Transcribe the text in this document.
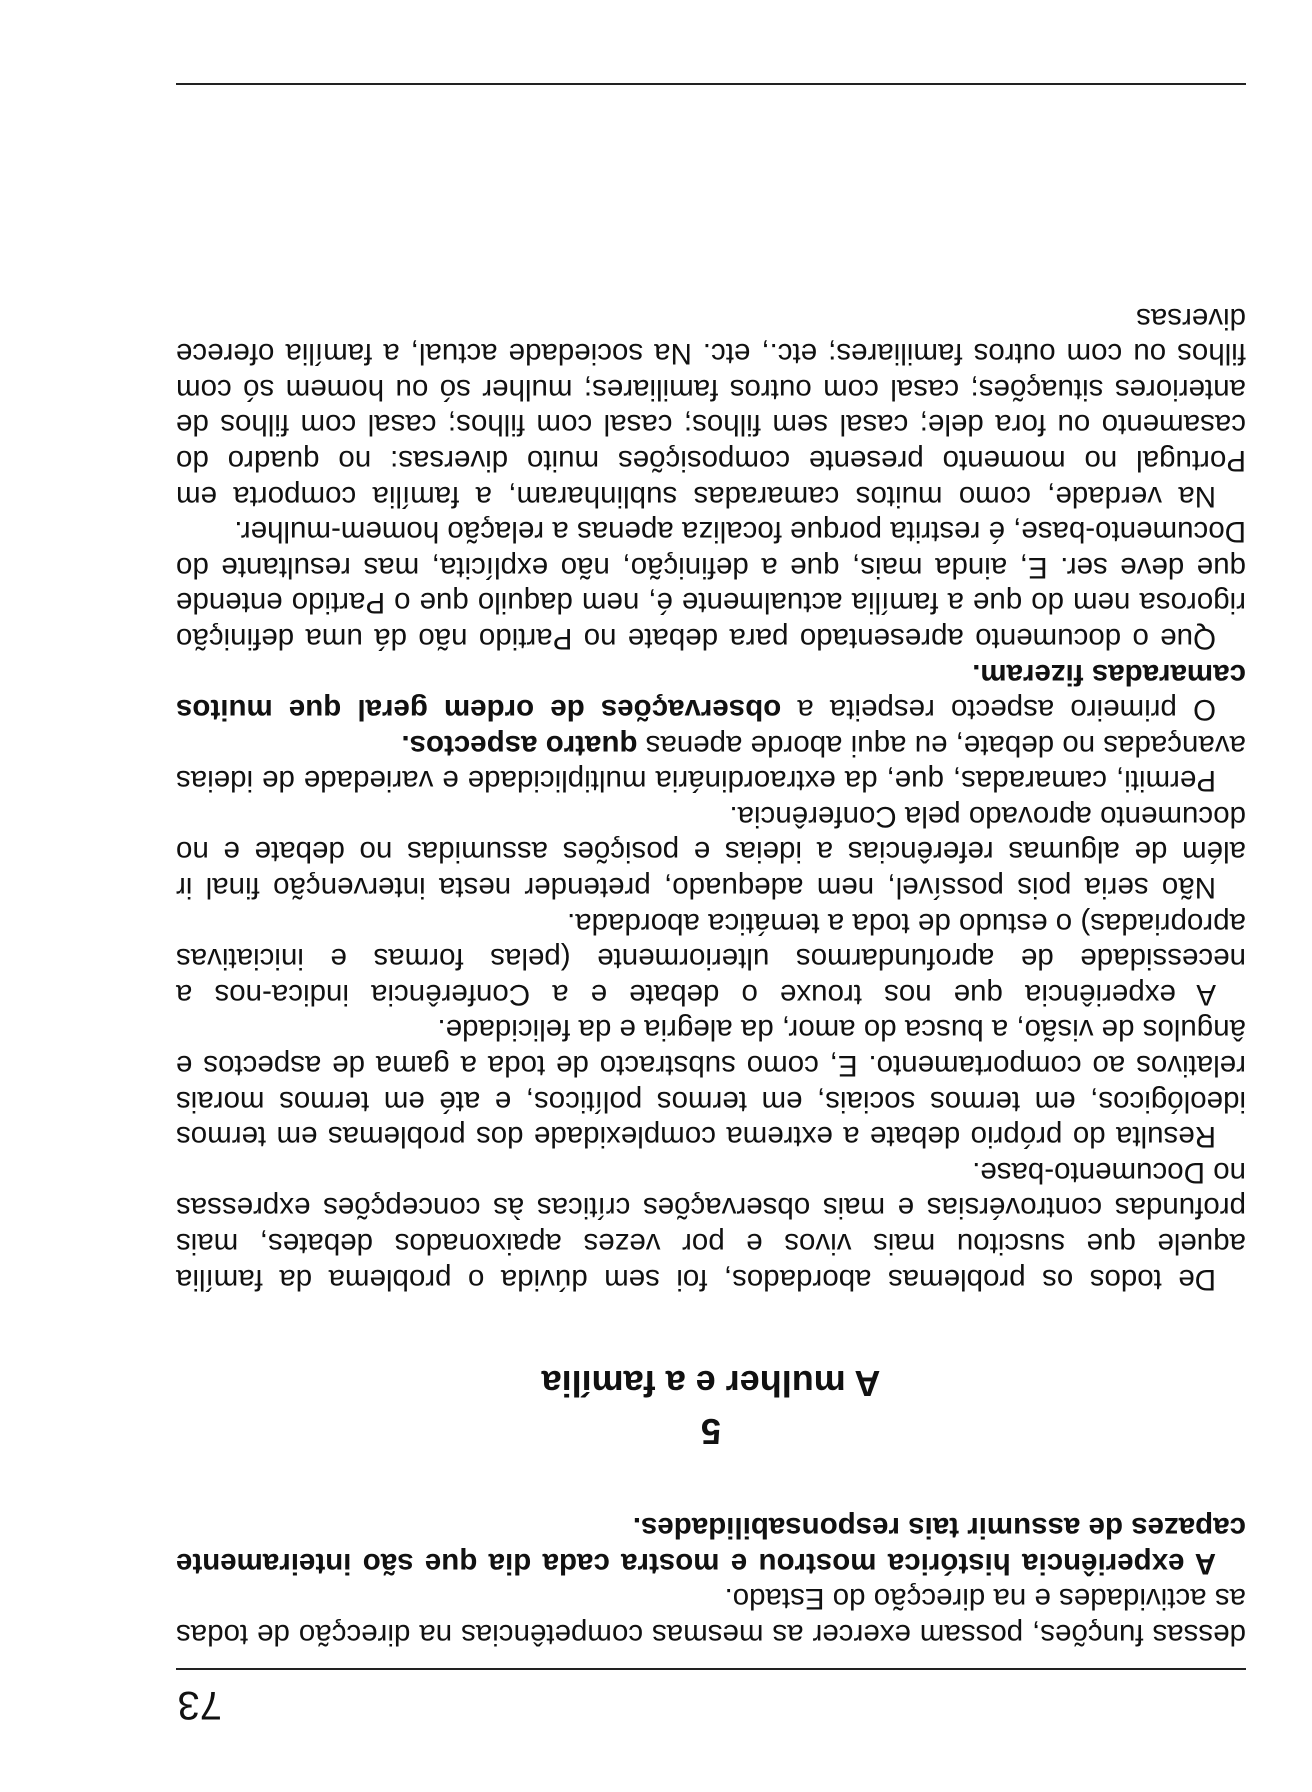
73

dessas funções, possam exercer as mesmas competências na direcção de todas as actividades e na direcção do Estado.

A experiência histórica mostrou e mostra cada dia que são inteiramente capazes de assumir tais responsabilidades.

5
A mulher e a família

De todos os problemas abordados, foi sem dúvida o problema da família aquele que suscitou mais vivos e por vezes apaixonados debates, mais profundas controvérsias e mais observações críticas às concepções expressas no Documento-base.

Resulta do próprio debate a extrema complexidade dos problemas em termos ideológicos, em termos sociais, em termos políticos, e até em termos morais relativos ao comportamento. E, como substracto de toda a gama de aspectos e ângulos de visão, a busca do amor, da alegria e da felicidade.

A experiência que nos trouxe o debate e a Conferência indica-nos a necessidade de aprofundarmos ulteriormente (pelas formas e iniciativas apropriadas) o estudo de toda a temática abordada.

Não seria pois possível, nem adequado, pretender nesta intervenção final ir além de algumas referências a ideias e posições assumidas no debate e no documento aprovado pela Conferência.

Permiti, camaradas, que, da extraordinária multiplicidade e variedade de ideias avançadas no debate, eu aqui aborde apenas quatro aspectos.

O primeiro aspecto respeita a observações de ordem geral que muitos camaradas fizeram.

Que o documento apresentado para debate no Partido não dá uma definição rigorosa nem do que a família actualmente é, nem daquilo que o Partido entende que deve ser. E, ainda mais, que a definição, não explícita, mas resultante do Documento-base, é restrita porque focaliza apenas a relação homem-mulher.

Na verdade, como muitos camaradas sublinharam, a família comporta em Portugal no momento presente composições muito diversas: no quadro do casamento ou fora dele; casal sem filhos; casal com filhos; casal com filhos de anteriores situações; casal com outros familiares; mulher só ou homem só com filhos ou com outros familiares; etc., etc. Na sociedade actual, a família oferece diversas
